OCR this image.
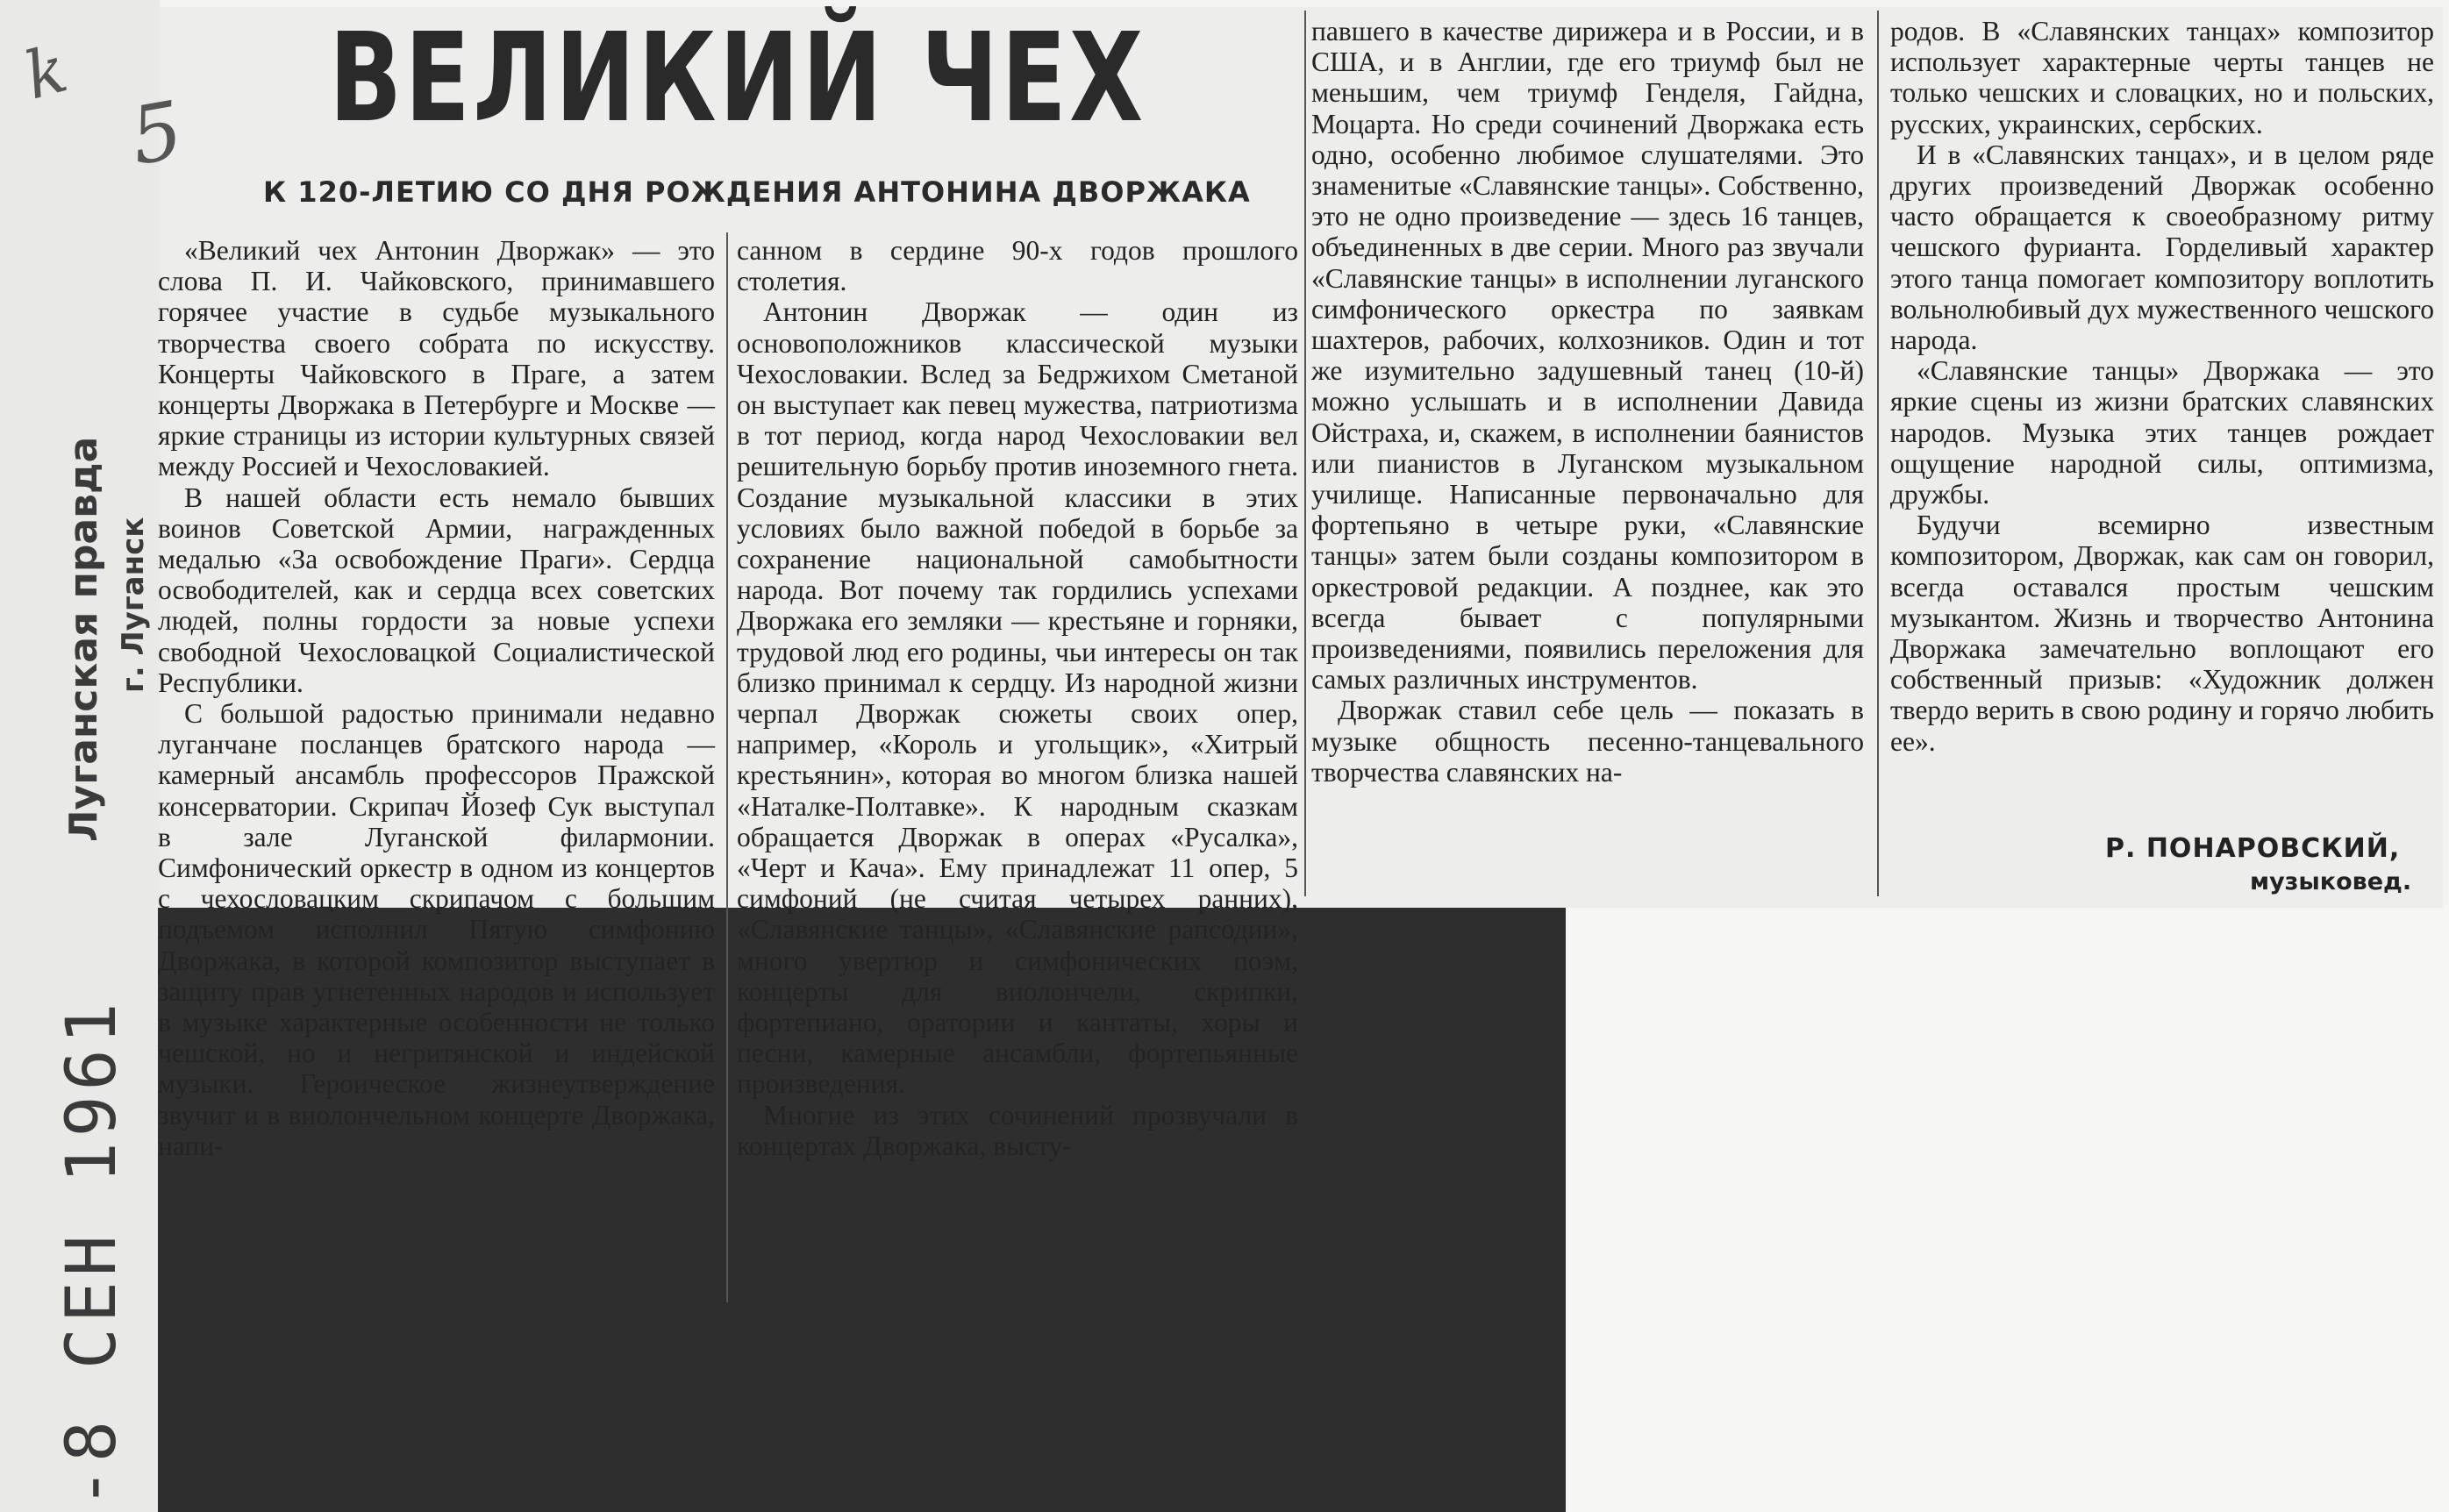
k
5
Луганская правда г. Луганск
-8 СЕН 1961
ВЕЛИКИЙ ЧЕХ
К 120-ЛЕТИЮ СО ДНЯ РОЖДЕНИЯ АНТОНИНА ДВОРЖАКА

«Великий чех Антонин Дворжак» — это слова П. И. Чайковского, принимавшего горячее участие в судьбе музыкального творчества своего собрата по искусству. Концерты Чайковского в Праге, а затем концерты Дворжака в Петербурге и Москве — яркие страницы из истории культурных связей между Россией и Чехословакией.

В нашей области есть немало бывших воинов Советской Армии, награжденных медалью «За освобождение Праги». Сердца освободителей, как и сердца всех советских людей, полны гордости за новые успехи свободной Чехословацкой Социалистической Республики.

С большой радостью принимали недавно луганчане посланцев братского народа — камерный ансамбль профессоров Пражской консерватории. Скрипач Йозеф Сук выступал в зале Луганской филармонии. Симфонический оркестр в одном из концертов с чехословацким скрипачом с большим подъемом исполнил Пятую симфонию Дворжака, в которой композитор выступает в защиту прав угнетенных народов и использует в музыке характерные особенности не только чешской, но и негритянской и индейской музыки. Героическое жизнеутверждение звучит и в виолончельном концерте Дворжака, напи-

санном в сердине 90-х годов прошлого столетия.

Антонин Дворжак — один из основоположников классической музыки Чехословакии. Вслед за Бедржихом Сметаной он выступает как певец мужества, патриотизма в тот период, когда народ Чехословакии вел решительную борьбу против иноземного гнета. Создание музыкальной классики в этих условиях было важной победой в борьбе за сохранение национальной самобытности народа. Вот почему так гордились успехами Дворжака его земляки — крестьяне и горняки, трудовой люд его родины, чьи интересы он так близко принимал к сердцу. Из народной жизни черпал Дворжак сюжеты своих опер, например, «Король и угольщик», «Хитрый крестьянин», которая во многом близка нашей «Наталке-Полтавке». К народным сказкам обращается Дворжак в операх «Русалка», «Черт и Кача». Ему принадлежат 11 опер, 5 симфоний (не считая четырех ранних), «Славянские танцы», «Славянские рапсодии», много увертюр и симфонических поэм, концерты для виолончели, скрипки, фортепиано, оратории и кантаты, хоры и песни, камерные ансамбли, фортепьянные произведения.

Многие из этих сочинений прозвучали в концертах Дворжака, высту-

павшего в качестве дирижера и в России, и в США, и в Англии, где его триумф был не меньшим, чем триумф Генделя, Гайдна, Моцарта. Но среди сочинений Дворжака есть одно, особенно любимое слушателями. Это знаменитые «Славянские танцы». Собственно, это не одно произведение — здесь 16 танцев, объединенных в две серии. Много раз звучали «Славянские танцы» в исполнении луганского симфонического оркестра по заявкам шахтеров, рабочих, колхозников. Один и тот же изумительно задушевный танец (10-й) можно услышать и в исполнении Давида Ойстраха, и, скажем, в исполнении баянистов или пианистов в Луганском музыкальном училище. Написанные первоначально для фортепьяно в четыре руки, «Славянские танцы» затем были созданы композитором в оркестровой редакции. А позднее, как это всегда бывает с популярными произведениями, появились переложения для самых различных инструментов.

Дворжак ставил себе цель — показать в музыке общность песенно-танцевального творчества славянских на-

родов. В «Славянских танцах» композитор использует характерные черты танцев не только чешских и словацких, но и польских, русских, украинских, сербских.

И в «Славянских танцах», и в целом ряде других произведений Дворжак особенно часто обращается к своеобразному ритму чешского фурианта. Горделивый характер этого танца помогает композитору воплотить вольнолюбивый дух мужественного чешского народа.

«Славянские танцы» Дворжака — это яркие сцены из жизни братских славянских народов. Музыка этих танцев рождает ощущение народной силы, оптимизма, дружбы.

Будучи всемирно известным композитором, Дворжак, как сам он говорил, всегда оставался простым чешским музыкантом. Жизнь и творчество Антонина Дворжака замечательно воплощают его собственный призыв: «Художник должен твердо верить в свою родину и горячо любить ее».

Р. ПОНАРОВСКИЙ,
музыковед.
